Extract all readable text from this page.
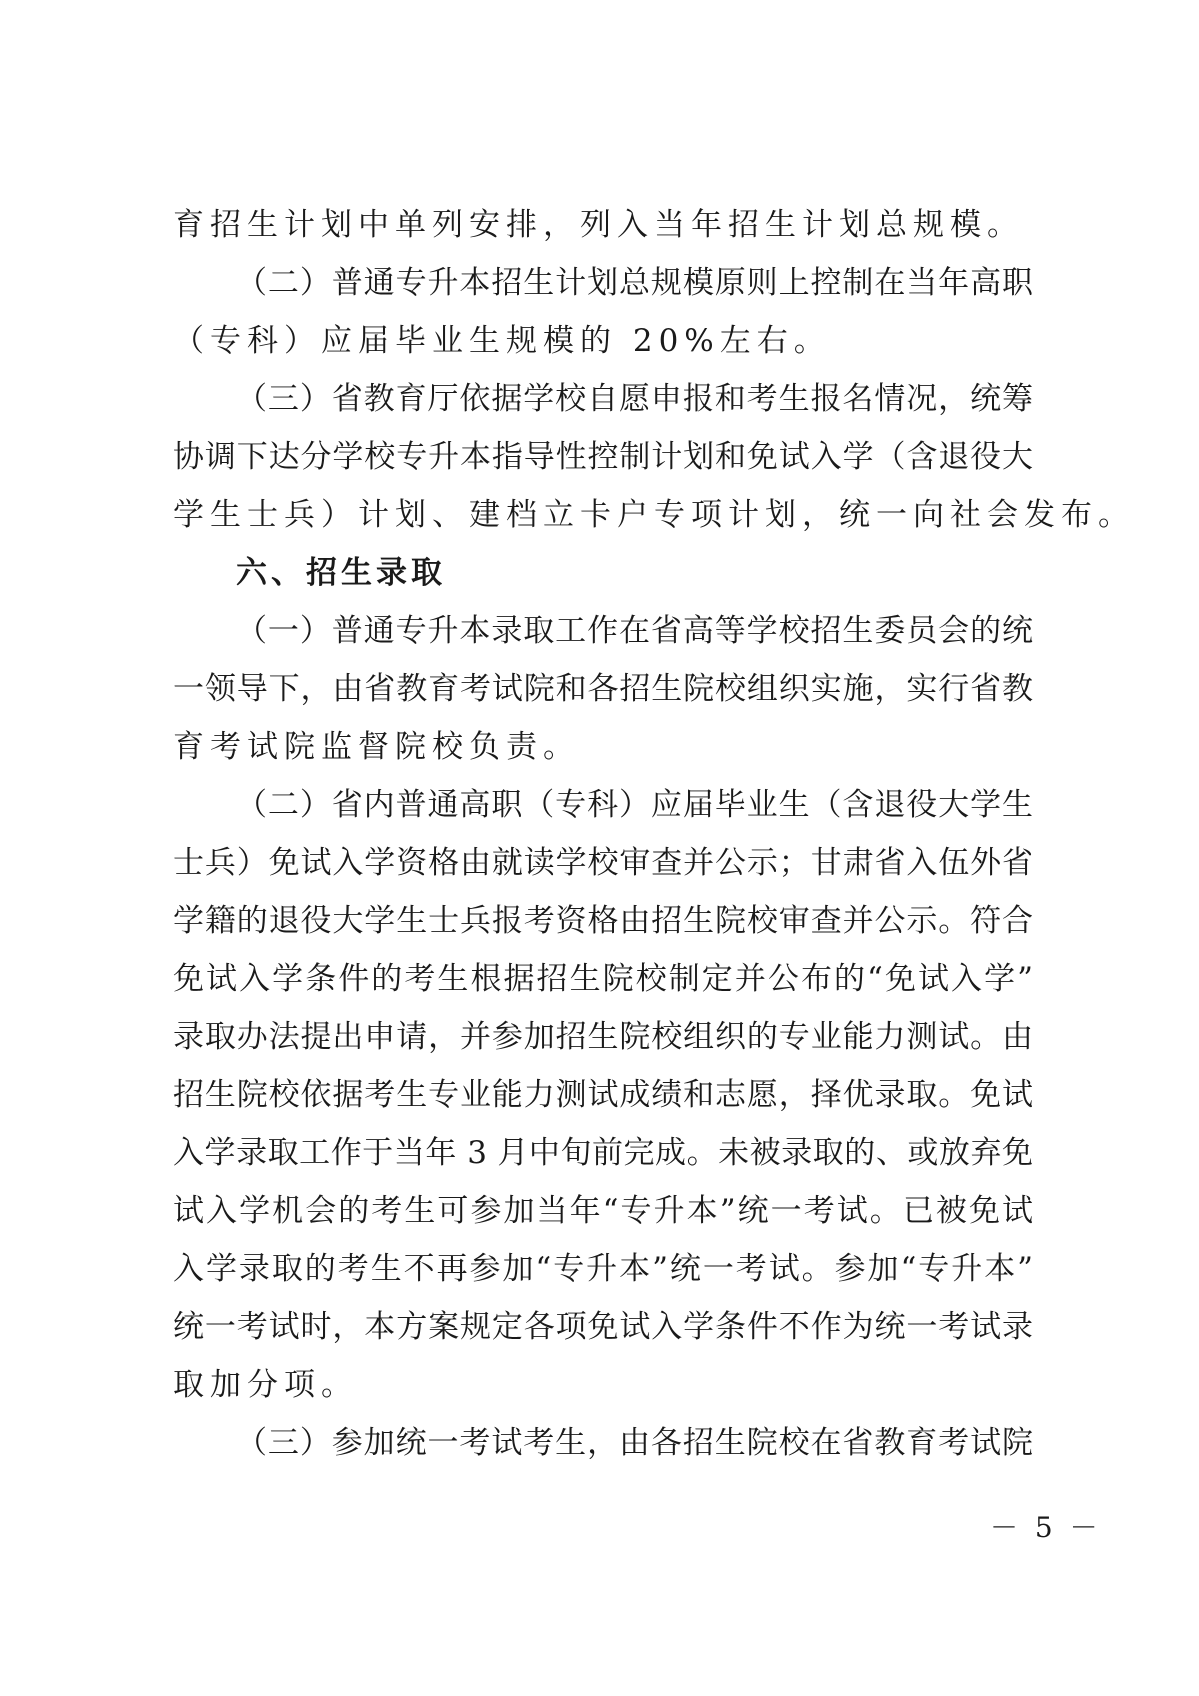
育招生计划中单列安排，列入当年招生计划总规模。
（二）普通专升本招生计划总规模原则上控制在当年高职
（专科）应届毕业生规模的 20%左右。
（三）省教育厅依据学校自愿申报和考生报名情况，统筹
协调下达分学校专升本指导性控制计划和免试入学（含退役大
学生士兵）计划、建档立卡户专项计划，统一向社会发布。
六、招生录取
（一）普通专升本录取工作在省高等学校招生委员会的统
一领导下，由省教育考试院和各招生院校组织实施，实行省教
育考试院监督院校负责。
（二）省内普通高职（专科）应届毕业生（含退役大学生
士兵）免试入学资格由就读学校审查并公示；甘肃省入伍外省
学籍的退役大学生士兵报考资格由招生院校审查并公示。符合
免试入学条件的考生根据招生院校制定并公布的“免试入学”
录取办法提出申请，并参加招生院校组织的专业能力测试。由
招生院校依据考生专业能力测试成绩和志愿，择优录取。免试
入学录取工作于当年 3 月中旬前完成。未被录取的、或放弃免
试入学机会的考生可参加当年“专升本”统一考试。已被免试
入学录取的考生不再参加“专升本”统一考试。参加“专升本”
统一考试时，本方案规定各项免试入学条件不作为统一考试录
取加分项。
（三）参加统一考试考生，由各招生院校在省教育考试院
－ 5 －
